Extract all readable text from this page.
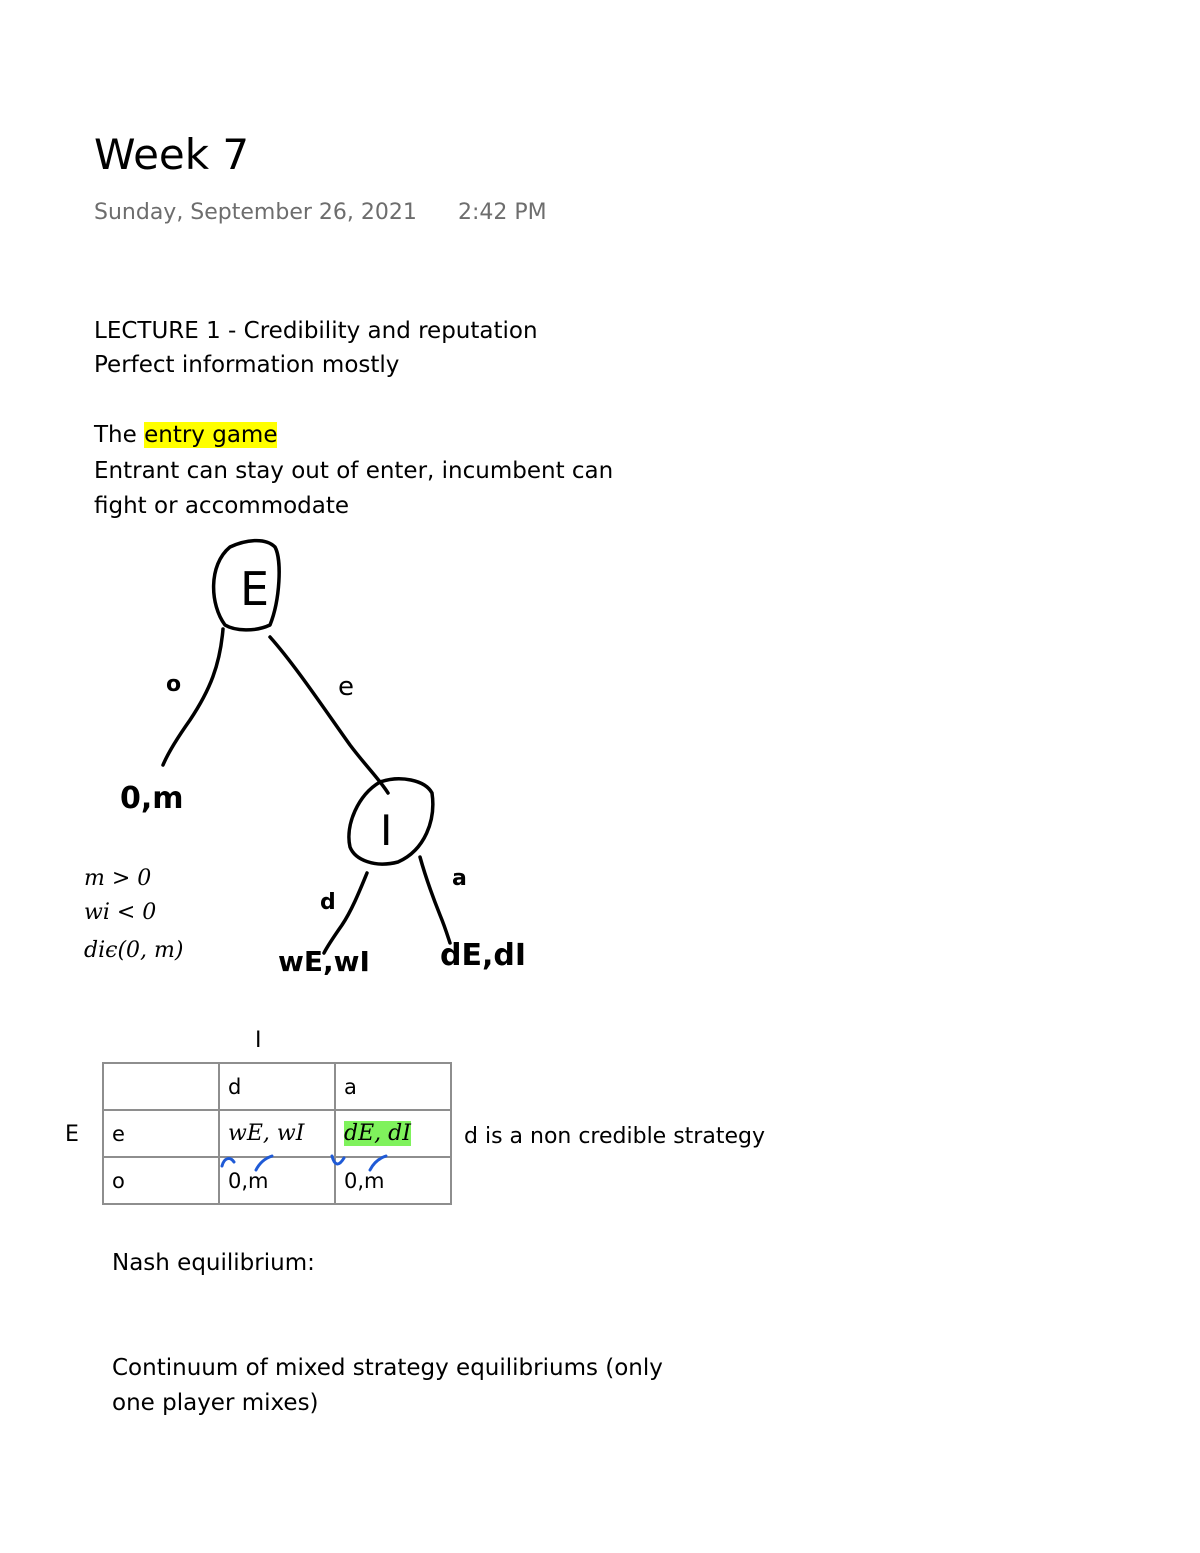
Week 7
Sunday, September 26, 2021 2:42 PM
LECTURE 1 - Credibility and reputation
Perfect information mostly
The entry game
Entrant can stay out of enter, incumbent can
fight or accommodate
E
o	e
0,m
I
d
a
wE,wI dE,dI
m > 0
wi < 0
diϵ(0, m)
I
E
	d	a
e	wE, wI	dE, dI
o	0,m	0,m
d is a non credible strategy
Nash equilibrium:
Continuum of mixed strategy equilibriums (only
one player mixes)
